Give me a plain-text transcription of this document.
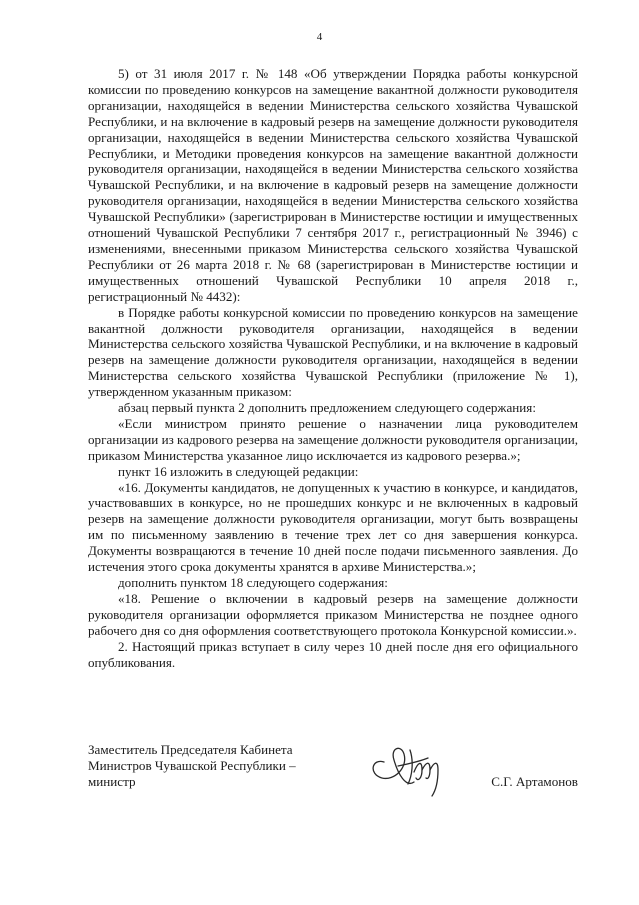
4

5) от 31 июля 2017 г. № 148 «Об утверждении Порядка работы конкурсной комиссии по проведению конкурсов на замещение вакантной должности руководителя организации, находящейся в ведении Министерства сельского хозяйства Чувашской Республики, и на включение в кадровый резерв на замещение должности руководителя организации, находящейся в ведении Министерства сельского хозяйства Чувашской Республики, и Методики проведения конкурсов на замещение вакантной должности руководителя организации, находящейся в ведении Министерства сельского хозяйства Чувашской Республики, и на включение в кадровый резерв на замещение должности руководителя организации, находящейся в ведении Министерства сельского хозяйства Чувашской Республики» (зарегистрирован в Министерстве юстиции и имущественных отношений Чувашской Республики 7 сентября 2017 г., регистрационный № 3946) с изменениями, внесенными приказом Министерства сельского хозяйства Чувашской Республики от 26 марта 2018 г. № 68 (зарегистрирован в Министерстве юстиции и имущественных отношений Чувашской Республики 10 апреля 2018 г., регистрационный № 4432):

в Порядке работы конкурсной комиссии по проведению конкурсов на замещение вакантной должности руководителя организации, находящейся в ведении Министерства сельского хозяйства Чувашской Республики, и на включение в кадровый резерв на замещение должности руководителя организации, находящейся в ведении Министерства сельского хозяйства Чувашской Республики (приложение № 1), утвержденном указанным приказом:

абзац первый пункта 2 дополнить предложением следующего содержания:

«Если министром принято решение о назначении лица руководителем организации из кадрового резерва на замещение должности руководителя организации, приказом Министерства указанное лицо исключается из кадрового резерва.»;

пункт 16 изложить в следующей редакции:

«16. Документы кандидатов, не допущенных к участию в конкурсе, и кандидатов, участвовавших в конкурсе, но не прошедших конкурс и не включенных в кадровый резерв на замещение должности руководителя организации, могут быть возвращены им по письменному заявлению в течение трех лет со дня завершения конкурса. Документы возвращаются в течение 10 дней после подачи письменного заявления. До истечения этого срока документы хранятся в архиве Министерства.»;

дополнить пунктом 18 следующего содержания:

«18. Решение о включении в кадровый резерв на замещение должности руководителя организации оформляется приказом Министерства не позднее одного рабочего дня со дня оформления соответствующего протокола Конкурсной комиссии.».

2. Настоящий приказ вступает в силу через 10 дней после дня его официального опубликования.

Заместитель Председателя Кабинета
Министров Чувашской Республики –
министр	С.Г. Артамонов
